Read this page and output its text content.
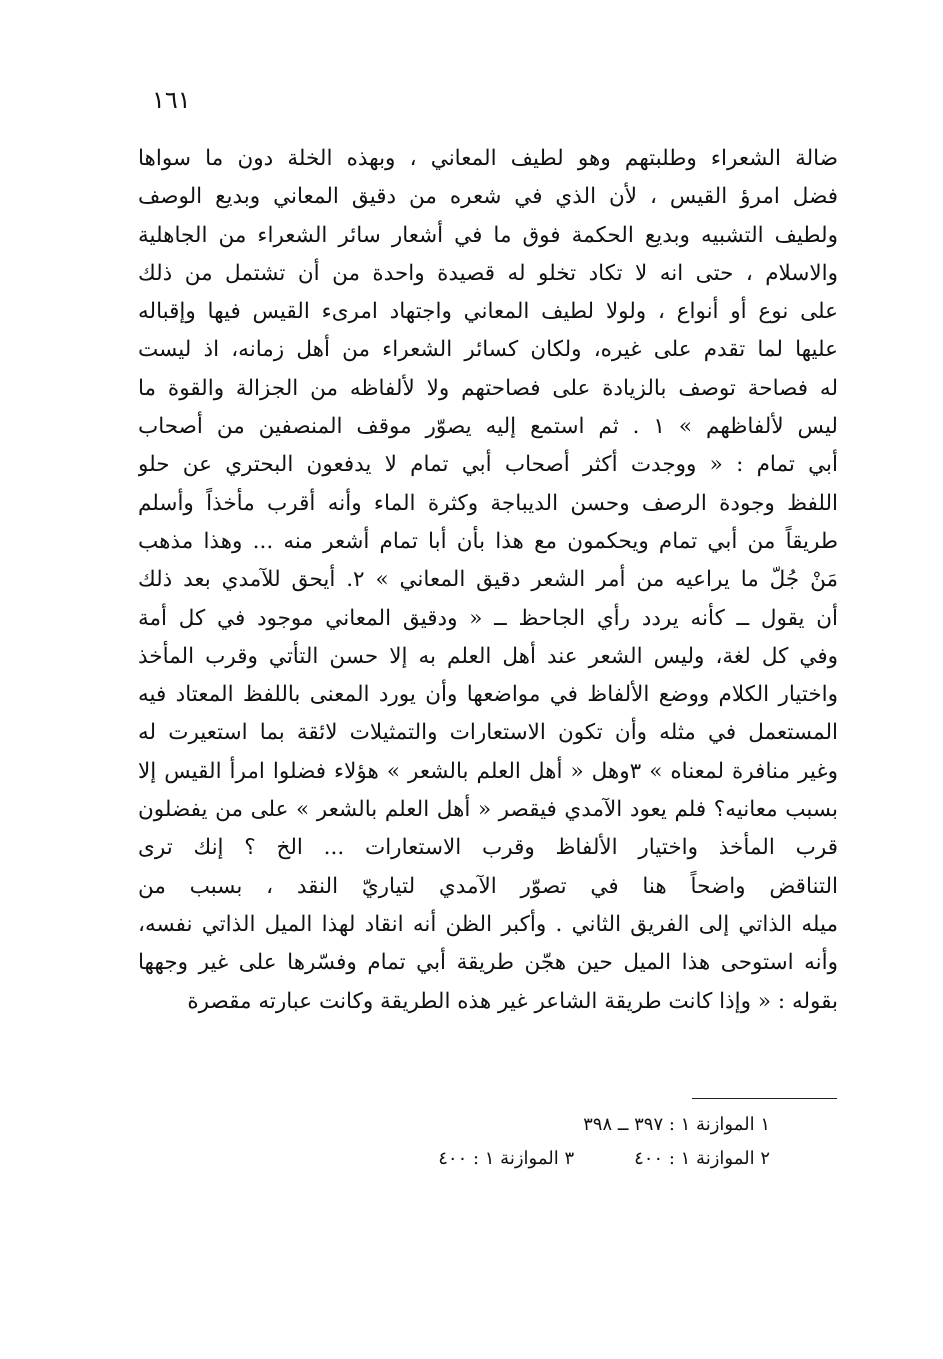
١٦١
ضالة الشعراء وطلبتهم وهو لطيف المعاني ، وبهذه الخلة دون ما سواها
فضل امرؤ القيس ، لأن الذي في شعره من دقيق المعاني وبديع الوصف
ولطيف التشبيه وبديع الحكمة فوق ما في أشعار سائر الشعراء من الجاهلية
والاسلام ، حتى انه لا تكاد تخلو له قصيدة واحدة من أن تشتمل من ذلك
على نوع أو أنواع ، ولولا لطيف المعاني واجتهاد امرىء القيس فيها وإقباله
عليها لما تقدم على غيره، ولكان كسائر الشعراء من أهل زمانه، اذ ليست
له فصاحة توصف بالزيادة على فصاحتهم ولا لألفاظه من الجزالة والقوة ما
ليس لألفاظهم » ١ . ثم استمع إليه يصوّر موقف المنصفين من أصحاب
أبي تمام : « ووجدت أكثر أصحاب أبي تمام لا يدفعون البحتري عن حلو
اللفظ وجودة الرصف وحسن الديباجة وكثرة الماء وأنه أقرب مأخذاً وأسلم
طريقاً من أبي تمام ويحكمون مع هذا بأن أبا تمام أشعر منه ... وهذا مذهب
مَنْ جُلّ ما يراعيه من أمر الشعر دقيق المعاني » ٢. أيحق للآمدي بعد ذلك
أن يقول ــ كأنه يردد رأي الجاحظ ــ « ودقيق المعاني موجود في كل أمة
وفي كل لغة، وليس الشعر عند أهل العلم به إلا حسن التأتي وقرب المأخذ
واختيار الكلام ووضع الألفاظ في مواضعها وأن يورد المعنى باللفظ المعتاد فيه
المستعمل في مثله وأن تكون الاستعارات والتمثيلات لائقة بما استعيرت له
وغير منافرة لمعناه » ٣وهل « أهل العلم بالشعر » هؤلاء فضلوا امرأ القيس إلا
بسبب معانيه؟ فلم يعود الآمدي فيقصر « أهل العلم بالشعر » على من يفضلون
قرب المأخذ واختيار الألفاظ وقرب الاستعارات ... الخ ؟ إنك ترى
التناقض واضحاً هنا في تصوّر الآمدي لتياريّ النقد ، بسبب من
ميله الذاتي إلى الفريق الثاني . وأكبر الظن أنه انقاد لهذا الميل الذاتي نفسه،
وأنه استوحى هذا الميل حين هجّن طريقة أبي تمام وفسّرها على غير وجهها
بقوله : « وإذا كانت طريقة الشاعر غير هذه الطريقة وكانت عبارته مقصرة
١ الموازنة ١ : ٣٩٧ ــ ٣٩٨
٢ الموازنة ١ : ٤٠٠
٣ الموازنة ١ : ٤٠٠
